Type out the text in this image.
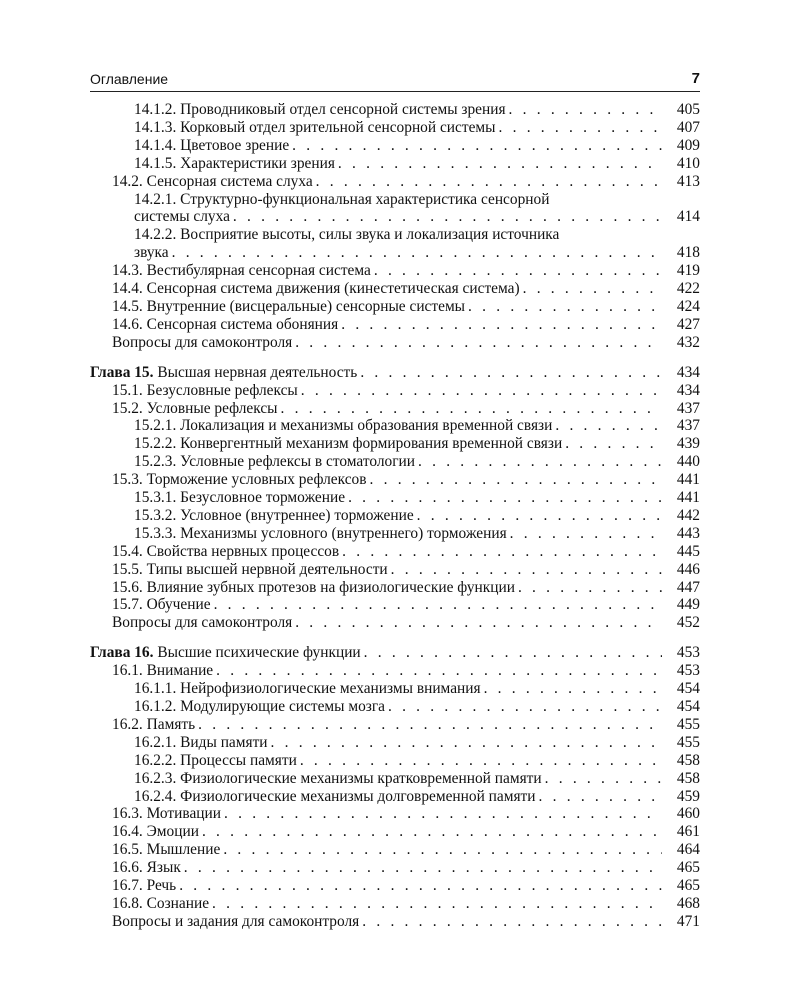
Оглавление	7
14.1.2. Проводниковый отдел сенсорной системы зрения . . .	405
14.1.3. Корковый отдел зрительной сенсорной системы . . .	407
14.1.4. Цветовое зрение . . .	409
14.1.5. Характеристики зрения . . .	410
14.2. Сенсорная система слуха . . .	413
14.2.1. Структурно-функциональная характеристика сенсорной
системы слуха . . .	414
14.2.2. Восприятие высоты, силы звука и локализация источника
звука . . .	418
14.3. Вестибулярная сенсорная система . . .	419
14.4. Сенсорная система движения (кинестетическая система) . . .	422
14.5. Внутренние (висцеральные) сенсорные системы . . .	424
14.6. Сенсорная система обоняния . . .	427
Вопросы для самоконтроля . . .	432
Глава 15. Высшая нервная деятельность . . .	434
15.1. Безусловные рефлексы . . .	434
15.2. Условные рефлексы . . .	437
15.2.1. Локализация и механизмы образования временной связи . . .	437
15.2.2. Конвергентный механизм формирования временной связи . . .	439
15.2.3. Условные рефлексы в стоматологии . . .	440
15.3. Торможение условных рефлексов . . .	441
15.3.1. Безусловное торможение . . .	441
15.3.2. Условное (внутреннее) торможение . . .	442
15.3.3. Механизмы условного (внутреннего) торможения . . .	443
15.4. Свойства нервных процессов . . .	445
15.5. Типы высшей нервной деятельности . . .	446
15.6. Влияние зубных протезов на физиологические функции . . .	447
15.7. Обучение . . .	449
Вопросы для самоконтроля . . .	452
Глава 16. Высшие психические функции . . .	453
16.1. Внимание . . .	453
16.1.1. Нейрофизиологические механизмы внимания . . .	454
16.1.2. Модулирующие системы мозга . . .	454
16.2. Память . . .	455
16.2.1. Виды памяти . . .	455
16.2.2. Процессы памяти . . .	458
16.2.3. Физиологические механизмы кратковременной памяти . . .	458
16.2.4. Физиологические механизмы долговременной памяти . . .	459
16.3. Мотивации . . .	460
16.4. Эмоции . . .	461
16.5. Мышление . . .	464
16.6. Язык . . .	465
16.7. Речь . . .	465
16.8. Сознание . . .	468
Вопросы и задания для самоконтроля . . .	471
